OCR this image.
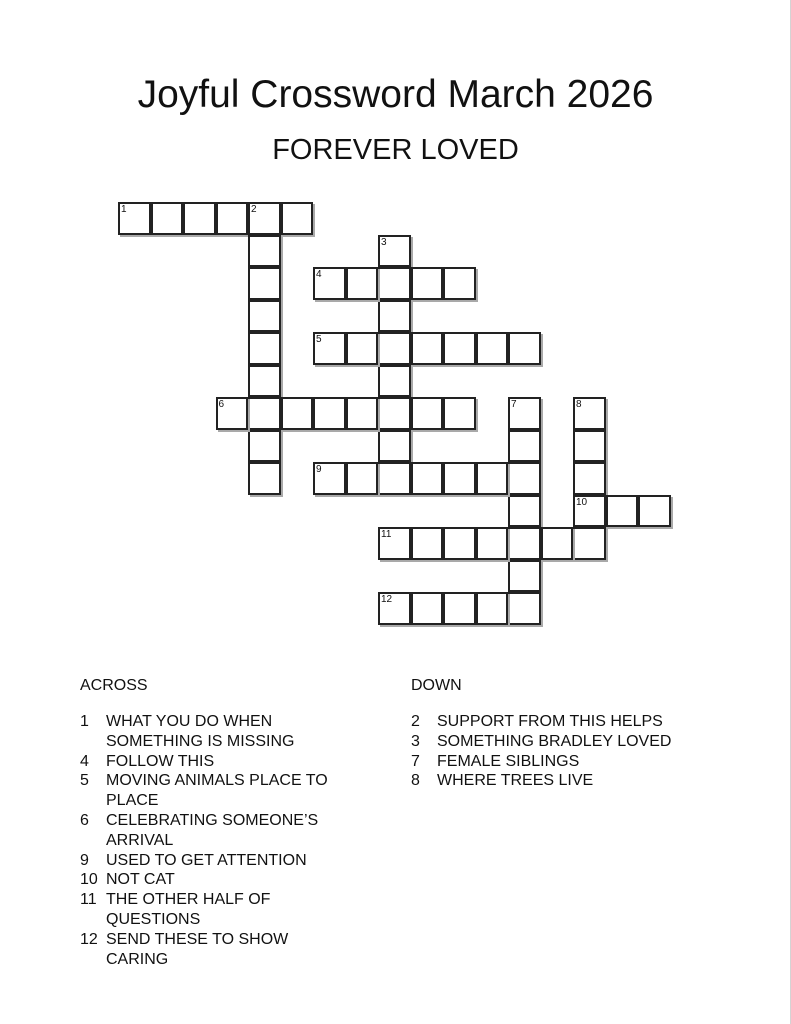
Joyful Crossword March 2026
FOREVER LOVED
1	2
3
4
5
6	7	8
10
9
11
12
ACROSS	DOWN
1	WHAT YOU DO WHEN SOMETHING IS MISSING
4	FOLLOW THIS
5	MOVING ANIMALS PLACE TO PLACE
6	CELEBRATING SOMEONE’S ARRIVAL
9	USED TO GET ATTENTION
10 NOT CAT
11 THE OTHER HALF OF QUESTIONS
12 SEND THESE TO SHOW CARING
2	SUPPORT FROM THIS HELPS
3	SOMETHING BRADLEY LOVED
7	FEMALE SIBLINGS
8	WHERE TREES LIVE
